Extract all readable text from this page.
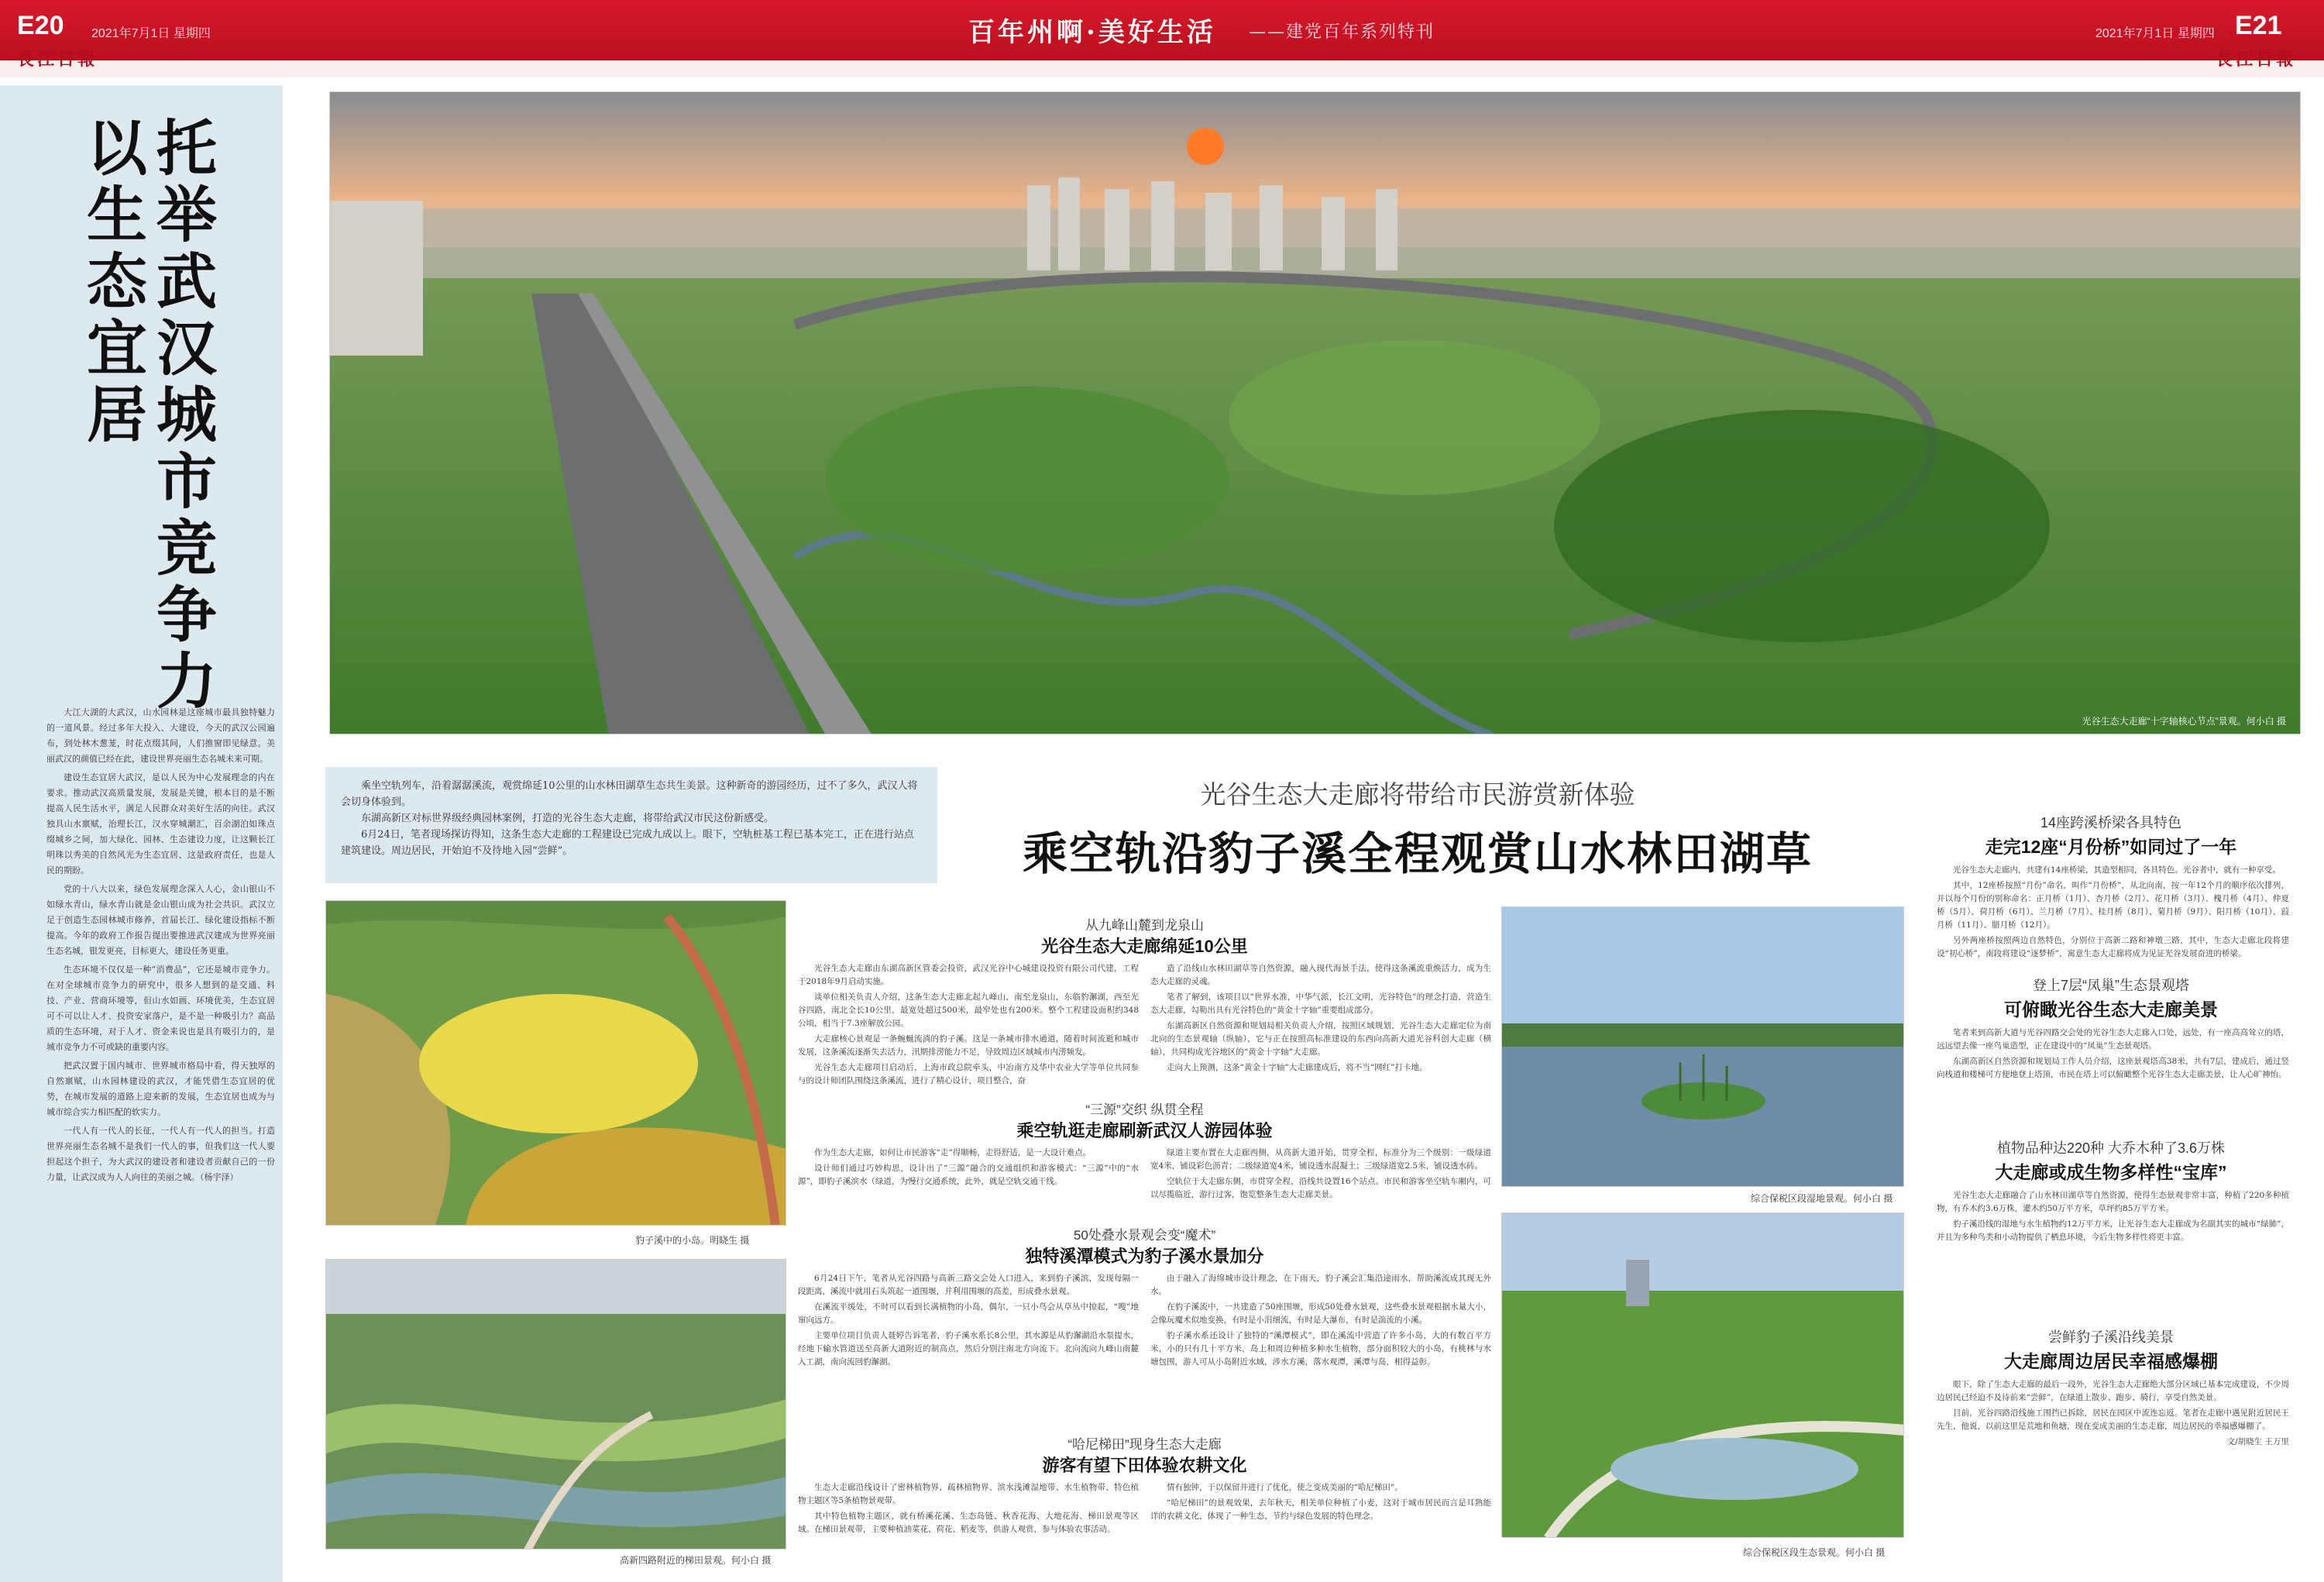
E20 2021年7月1日 星期四
長江日報
百年州啊·美好生活 ——建党百年系列特刊	2021年7月1日 星期四 E21
長江日報
托举武汉城市竞争力
以生态宜居

大江大湖的大武汉，山水园林是这座城市最具独特魅力的一道风景。经过多年大投入、大建设，今天的武汉公园遍布，到处林木葱茏，时花点缀其间，人们推窗即见绿意。美丽武汉的颜值已经在此，建设世界亮丽生态名城未来可期。

建设生态宜居大武汉，是以人民为中心发展理念的内在要求。推动武汉高质量发展，发展是关键，根本目的是不断提高人民生活水平，满足人民群众对美好生活的向往。武汉独具山水禀赋，治理长江，汉水穿城潮汇，百余湖泊如珠点缀城乡之间，加大绿化、园林、生态建设力度，让这颗长江明珠以秀美的自然风光为生态宜居、这是政府责任，也是人民的期盼。

党的十八大以来，绿色发展理念深入人心，金山银山不如绿水青山，绿水青山就是金山银山成为社会共识。武汉立足于创造生态园林城市修养，首届长江、绿化建设指标不断提高。今年的政府工作报告提出要推进武汉建成为世界亮丽生态名城，银发更亮，目标更大，建设任务更重。

生态环境不仅仅是一种“消费品”，它还是城市竞争力。在对全球城市竞争力的研究中，很多人想到的是交通、科技、产业、营商环境等，但山水如画、环境优美，生态宜居可不可以让人才、投资安家落户，是不是一种吸引力？高品质的生态环境，对于人才、资金来说也是具有吸引力的，是城市竞争力不可或缺的重要内容。

把武汉置于国内城市、世界城市格局中看，得天独厚的自然禀赋，山水园林建设的武汉，才能凭借生态宜居的优势，在城市发展的道路上迎来新的发展，生态宜居也成为与城市综合实力相匹配的软实力。

一代人有一代人的长征，一代人有一代人的担当。打造世界亮丽生态名城不是我们一代人的事，但我们这一代人要担起这个担子，为大武汉的建设者和建设者贡献自己的一份力量，让武汉成为人人向往的美丽之城。（杨宇泽）

光谷生态大走廊“十字轴核心节点”景观。何小白 摄

乘坐空轨列车，沿着潺潺溪流，观赏绵延10公里的山水林田湖草生态共生美景。这种新奇的游园经历，过不了多久，武汉人将会切身体验到。

东湖高新区对标世界级经典园林案例，打造的光谷生态大走廊，将带给武汉市民这份新感受。

6月24日，笔者现场探访得知，这条生态大走廊的工程建设已完成九成以上。眼下，空轨桩基工程已基本完工，正在进行站点建筑建设。周边居民，开始迫不及待地入园“尝鲜”。

光谷生态大走廊将带给市民游赏新体验
乘空轨沿豹子溪全程观赏山水林田湖草
豹子溪中的小岛。明晓生 摄
高新四路附近的梯田景观。何小白 摄
综合保税区段湿地景观。何小白 摄
综合保税区段生态景观。何小白 摄
从九峰山麓到龙泉山
光谷生态大走廊绵延10公里

光谷生态大走廊由东湖高新区管委会投资，武汉光谷中心城建设投资有限公司代建，工程于2018年9月启动实施。

谈单位相关负责人介绍，这条生态大走廊北起九峰山，南至龙泉山，东临豹澥湖，西至光谷四路，南北全长10公里，最宽处超过500米，最窄处也有200米。整个工程建设面积约348公顷，相当于7.3座解放公园。

大走廊核心景观是一条蜿蜒流淌的豹子溪。这是一条城市排水通道，随着时间流逝和城市发展，这条溪流逐渐失去活力，汛期排涝能力不足，导致周边区域城市内涝频发。

光谷生态大走廊项目启动后，上海市政总院牵头，中冶南方及华中农业大学等单位共同参与的设计师团队围绕这条溪流，进行了精心设计，项目整合，奋

造了沿线山水林田湖草等自然资源，融入现代海景手法，使得这条溪流重焕活力，成为生态大走廊的灵魂。

笔者了解到，该项目以“世界水准，中华气派，长江文明，光谷特色”的理念打造，营造生态大走廊，勾勒出具有光谷特色的“黄金十字轴”重要组成部分。

东湖高新区自然资源和规划局相关负责人介绍，按照区域规划，光谷生态大走廊定位为南北向的生态景观轴（纵轴），它与正在按照高标准建设的东西向高新大道光谷科创大走廊（横轴），共同构成光谷地区的“黄金十字轴”大走廊。

走向大上预测，这条“黄金十字轴”大走廊建成后，将不当“网红”打卡地。

“三源”交织 纵贯全程
乘空轨逛走廊刷新武汉人游园体验

作为生态大走廊，如何让市民游客“走”得顺畅，走得舒适，是一大设计难点。

设计师们通过巧妙构思，设计出了“三源”融合的交通组织和游客模式：“三源”中的“水源”，即豹子溪滨水（绿道，为慢行交通系统，此外，就是空轨交通干线。

绿道主要布置在大走廊西侧，从高新大道开始，贯穿全程，标准分为三个级别：一级绿道宽4米，铺设彩色沥青；二级绿道宽4米，铺设透水混凝土；三级绿道宽2.5米，铺设透水砖。

空轨位于大走廊东侧，市贯穿全程，沿线共设置16个站点。市民和游客坐空轨车厢内，可以尽揽临近，游行过客，饱览整条生态大走廊美景。

50处叠水景观会变“魔术”
独特溪潭模式为豹子溪水景加分

6月24日下午，笔者从光谷四路与高新三路交会处入口进入，来到豹子溪滨，发现每隔一段距离，溪流中就用石头筑起一道围堰，并利用围堰的高差，形成叠水景观。

在溪流平缓处，不时可以看到长满植物的小岛，偶尔，一只小鸟会从草丛中掠起，“嗖”地窜向远方。

主要单位项目负责人聂婷告诉笔者，豹子溪水系长8公里，其水源是从豹澥湖沿水泵提水，经地下输水管道送至高新大道附近的制高点，然后分别注南北方向流下。北向流向九峰山南麓入工湖，南向流回豹澥湖。

由于融入了海绵城市设计理念，在下雨天，豹子溪会汇集沿途雨水，帮助溪流成其现无外水。

在豹子溪流中，一共建造了50座围堰，形成50处叠水景观，这些叠水景观根据水量大小，会像玩魔术似地变换，有时是小涓细流，有时是大瀑布，有时是湍流的小溪。

豹子溪水系还设计了独特的“溪潭模式”，即在溪流中营造了许多小岛，大的有数百平方米，小的只有几十平方米，岛上和周边种植多种水生植物，部分面积较大的小岛，有桃林与水塘包围，游人可从小岛附近水域，涉水方溪，落水观潭，溪潭与岛，相得益彰。

“哈尼梯田”现身生态大走廊
游客有望下田体验农耕文化

生态大走廊沿线设计了密林植物界、疏林植物界、滨水浅滩湿地带、水生植物带、特色植物主题区等5条植物景观带。

其中特色植物主题区，就有桥溪花溪、生态岛链、秋香花海、大地花海、梯田景观等区域。在梯田景观带，主要种植油菜花、荷花、稻麦等，供游人观赏，参与体验农事活动。

情有独钟，于以保留并进行了优化，使之变成美丽的“哈尼梯田”。

“哈尼梯田”的景观效果，去年秋天，相关单位种植了小麦，这对于城市居民而言是耳熟能详的农耕文化，体现了一种生态、节约与绿色发展的特色理念。

14座跨溪桥梁各具特色
走完12座“月份桥”如同过了一年

光谷生态大走廊内，共建有14座桥梁，其造型相同，各具特色。光谷者中，就有一种享受。

其中，12座桥按照“月份”命名，叫作“月份桥”，从北向南，按一年12个月的顺序依次排列，并以每个月份的别称命名：正月桥（1月）、杏月桥（2月）、花月桥（3月）、槐月桥（4月）、仲夏桥（5月）、荷月桥（6月）、兰月桥（7月）、桂月桥（8月）、菊月桥（9月）、阳月桥（10月）、葭月桥（11月）、腊月桥（12月）。

另外两座桥按照两边自然特色，分别位于高新二路和神墩三路，其中，生态大走廊北段将建设“初心桥”，南段将建设“逐梦桥”，寓意生态大走廊将成为见证光谷发展奋进的桥梁。

登上7层“凤巢”生态景观塔
可俯瞰光谷生态大走廊美景

笔者来到高新大道与光谷四路交会处的光谷生态大走廊入口处，远处，有一座高高耸立的塔，远远望去像一座鸟巢造型，正在建设中的“凤巢”生态景观塔。

东湖高新区自然资源和规划局工作人员介绍，这座景观塔高38米，共有7层，建成后，通过竖向栈道和楼梯可方便地登上塔顶，市民在塔上可以俯瞰整个光谷生态大走廊美景，让人心旷神怡。

植物品种达220种 大乔木种了3.6万株
大走廊或成生物多样性“宝库”

光谷生态大走廊融合了山水林田湖草等自然资源，使得生态景观非常丰富，种植了220多种植物，有乔木约3.6万株，灌木约50万平方米，草坪约85万平方米。

豹子溪沿线的湿地与水生植物约12万平方米，让光谷生态大走廊成为名副其实的城市“绿肺”，并且为多种鸟类和小动物提供了栖息环境，今后生物多样性将更丰富。

尝鲜豹子溪沿线美景
大走廊周边居民幸福感爆棚

眼下，除了生态大走廊的最后一段外，光谷生态大走廊绝大部分区域已基本完成建设，不少周边居民已经迫不及待前来“尝鲜”，在绿道上散步、跑步、骑行，享受自然美景。

目前，光谷四路沿线施工围挡已拆除，居民在园区中流连忘返。笔者在走廊中遇见附近居民王先生，他说，以前这里是荒地和鱼塘，现在变成美丽的生态走廊，周边居民的幸福感爆棚了。

文/胡晓生 王万里
